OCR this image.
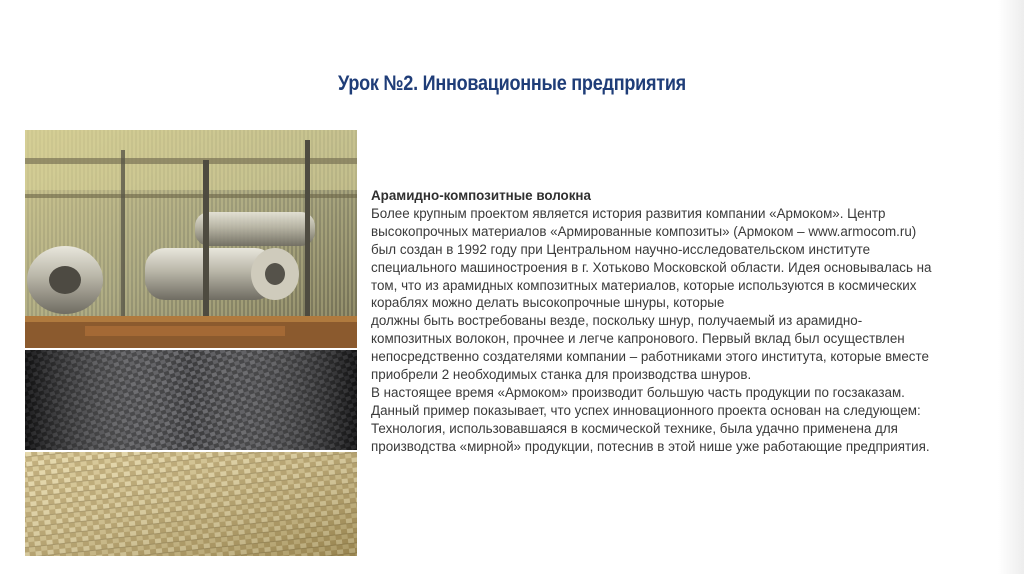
Урок №2. Инновационные предприятия
Арамидно-композитные волокна
Более крупным проектом является история развития компании «Армоком». Центр
высокопрочных материалов «Армированные композиты» (Армоком – www.armocom.ru)
был создан в 1992 году при Центральном научно-исследовательском институте
специального машиностроения в г. Хотьково Московской области. Идея основывалась на
том, что из арамидных композитных материалов, которые используются в космических
кораблях можно делать высокопрочные шнуры, которые
должны быть востребованы везде, поскольку шнур, получаемый из арамидно-
композитных волокон, прочнее и легче капронового. Первый вклад был осуществлен
непосредственно создателями компании – работниками этого института, которые вместе
приобрели 2 необходимых станка для производства шнуров.
В настоящее время «Армоком» производит большую часть продукции по госзаказам.
Данный пример показывает, что успех инновационного проекта основан на следующем:
Технология, использовавшаяся в космической технике, была удачно применена для
производства «мирной» продукции, потеснив в этой нише уже работающие предприятия.
